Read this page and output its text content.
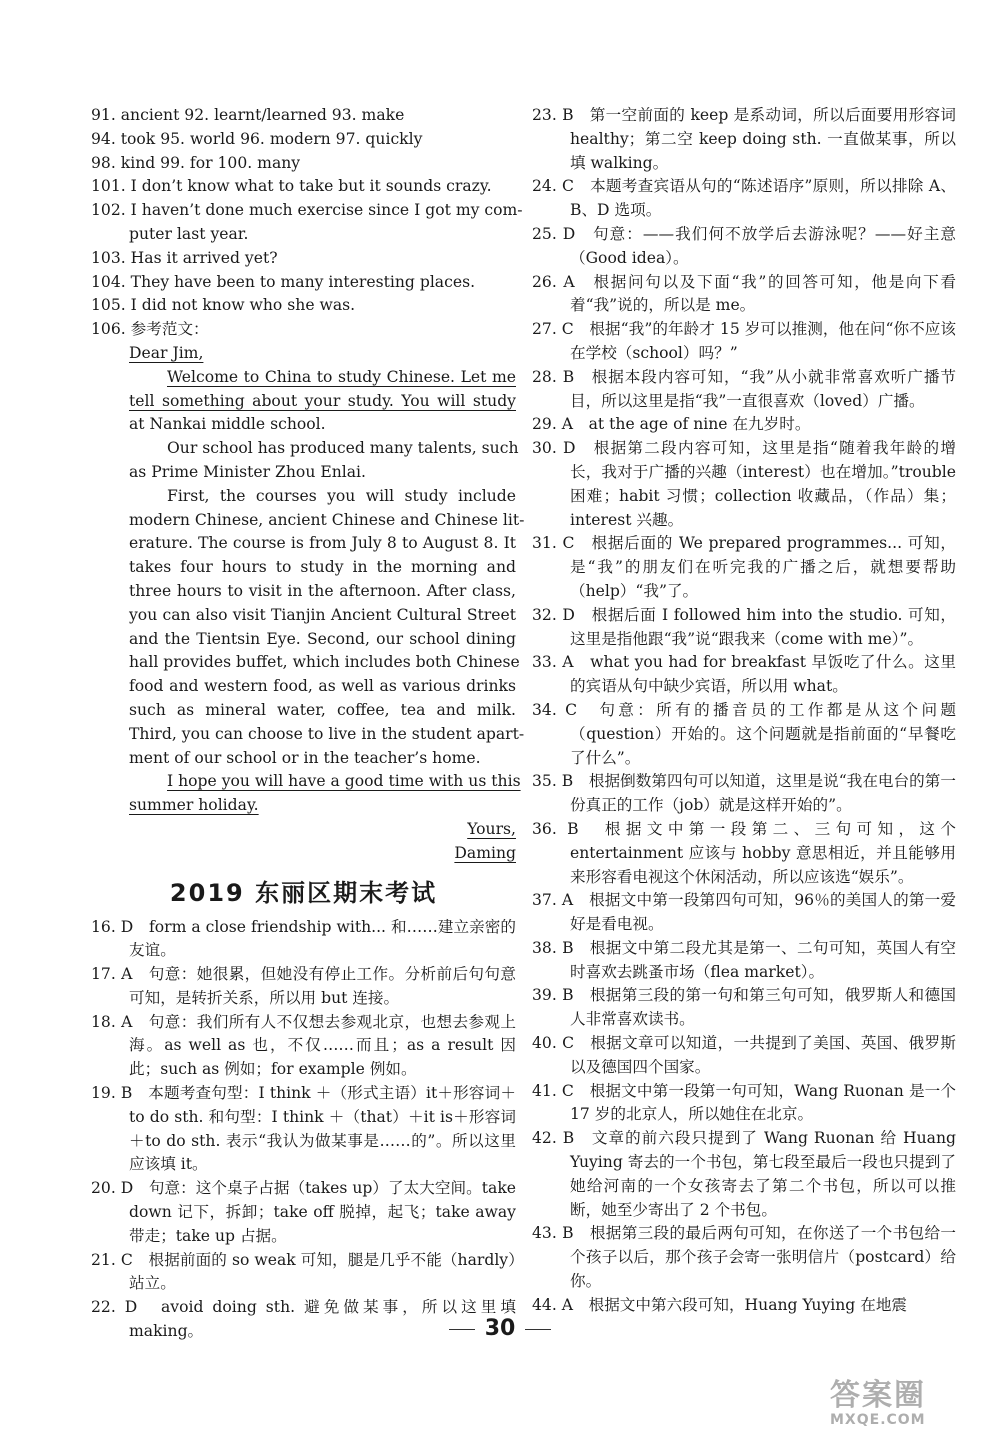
91. ancient 92. learnt/learned 93. make
94. took 95. world 96. modern 97. quickly
98. kind 99. for 100. many
101. I don’t know what to take but it sounds crazy.
102. I haven’t done much exercise since I got my com-
puter last year.
103. Has it arrived yet?
104. They have been to many interesting places.
105. I did not know who she was.
106. 参考范文：
Dear Jim,
Welcome to China to study Chinese. Let me
tell something about your study. You will study
at Nankai middle school.
Our school has produced many talents, such
as Prime Minister Zhou Enlai.
First, the courses you will study include
modern Chinese, ancient Chinese and Chinese lit-
erature. The course is from July 8 to August 8. It
takes four hours to study in the morning and
three hours to visit in the afternoon. After class,
you can also visit Tianjin Ancient Cultural Street
and the Tientsin Eye. Second, our school dining
hall provides buffet, which includes both Chinese
food and western food, as well as various drinks
such as mineral water, coffee, tea and milk.
Third, you can choose to live in the student apart-
ment of our school or in the teacher’s home.
I hope you will have a good time with us this
summer holiday.
Yours,
Daming
2019 东丽区期末考试
16. D　form a close friendship with... 和……建立亲密的友谊。
17. A　句意：她很累，但她没有停止工作。分析前后句句意可知，是转折关系，所以用 but 连接。
18. A　句意：我们所有人不仅想去参观北京，也想去参观上海。as well as 也，不仅……而且；as a result 因此；such as 例如；for example 例如。
19. B　本题考查句型：I think ＋（形式主语）it＋形容词＋to do sth. 和句型：I think ＋（that）＋it is＋形容词＋to do sth. 表示“我认为做某事是……的”。所以这里应该填 it。
20. D　句意：这个桌子占据（takes up）了太大空间。take down 记下，拆卸；take off 脱掉，起飞；take away 带走；take up 占据。
21. C　根据前面的 so weak 可知，腿是几乎不能（hardly）站立。
22. D　avoid doing sth. 避免做某事，所以这里填 making。
23. B　第一空前面的 keep 是系动词，所以后面要用形容词 healthy；第二空 keep doing sth. 一直做某事，所以填 walking。
24. C　本题考查宾语从句的“陈述语序”原则，所以排除 A、B、D 选项。
25. D　句意：——我们何不放学后去游泳呢？——好主意（Good idea）。
26. A　根据问句以及下面“我”的回答可知，他是向下看着“我”说的，所以是 me。
27. C　根据“我”的年龄才 15 岁可以推测，他在问“你不应该在学校（school）吗？”
28. B　根据本段内容可知，“我”从小就非常喜欢听广播节目，所以这里是指“我”一直很喜欢（loved）广播。
29. A　at the age of nine 在九岁时。
30. D　根据第二段内容可知，这里是指“随着我年龄的增长，我对于广播的兴趣（interest）也在增加。”trouble 困难；habit 习惯；collection 收藏品，（作品）集；interest 兴趣。
31. C　根据后面的 We prepared programmes... 可知，是“我”的朋友们在听完我的广播之后，就想要帮助（help）“我”了。
32. D　根据后面 I followed him into the studio. 可知，这里是指他跟“我”说“跟我来（come with me）”。
33. A　what you had for breakfast 早饭吃了什么。这里的宾语从句中缺少宾语，所以用 what。
34. C　句意：所有的播音员的工作都是从这个问题（question）开始的。这个问题就是指前面的“早餐吃了什么”。
35. B　根据倒数第四句可以知道，这里是说“我在电台的第一份真正的工作（job）就是这样开始的”。
36. B　根据文中第一段第二、三句可知，这个 entertainment 应该与 hobby 意思相近，并且能够用来形容看电视这个休闲活动，所以应该选“娱乐”。
37. A　根据文中第一段第四句可知，96％的美国人的第一爱好是看电视。
38. B　根据文中第二段尤其是第一、二句可知，英国人有空时喜欢去跳蚤市场（flea market）。
39. B　根据第三段的第一句和第三句可知，俄罗斯人和德国人非常喜欢读书。
40. C　根据文章可以知道，一共提到了美国、英国、俄罗斯以及德国四个国家。
41. C　根据文中第一段第一句可知，Wang Ruonan 是一个 17 岁的北京人，所以她住在北京。
42. B　文章的前六段只提到了 Wang Ruonan 给 Huang Yuying 寄去的一个书包，第七段至最后一段也只提到了她给河南的一个女孩寄去了第二个书包，所以可以推断，她至少寄出了 2 个书包。
43. B　根据第三段的最后两句可知，在你送了一个书包给一个孩子以后，那个孩子会寄一张明信片（postcard）给你。
44. A　根据文中第六段可知，Huang Yuying 在地震
30
答案圈
MXQE.COM
